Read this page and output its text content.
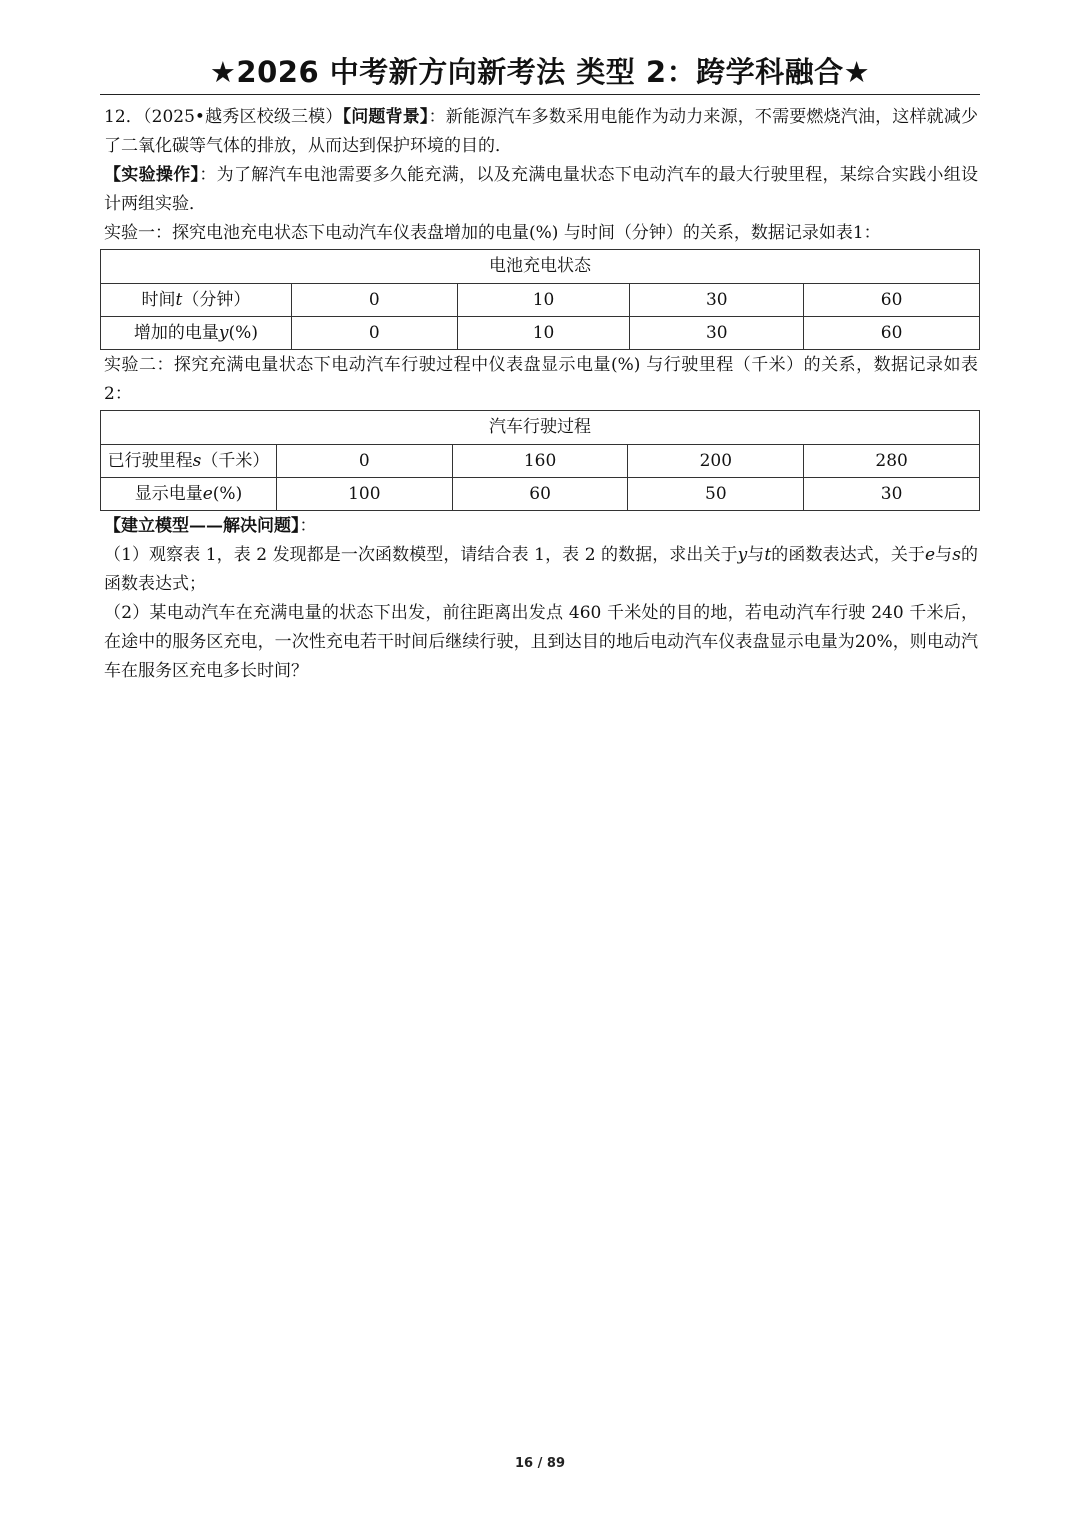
★2026 中考新方向新考法 类型 2：跨学科融合★

12．（2025•越秀区校级三模）【问题背景】：新能源汽车多数采用电能作为动力来源，不需要燃烧汽油，这样就减少了二氧化碳等气体的排放，从而达到保护环境的目的．

【实验操作】：为了解汽车电池需要多久能充满，以及充满电量状态下电动汽车的最大行驶里程，某综合实践小组设计两组实验．

实验一：探究电池充电状态下电动汽车仪表盘增加的电量(%) 与时间（分钟）的关系，数据记录如表1：

电池充电状态				
时间t（分钟）	0	10	30	60
增加的电量y(%)	0	10	30	60

实验二：探究充满电量状态下电动汽车行驶过程中仪表盘显示电量(%) 与行驶里程（千米）的关系，数据记录如表2：

汽车行驶过程				
已行驶里程s（千米）	0	160	200	280
显示电量e(%)	100	60	50	30

【建立模型——解决问题】：

（1）观察表 1，表 2 发现都是一次函数模型，请结合表 1，表 2 的数据，求出关于y与t的函数表达式，关于e与s的函数表达式；

（2）某电动汽车在充满电量的状态下出发，前往距离出发点 460 千米处的目的地，若电动汽车行驶 240 千米后，在途中的服务区充电，一次性充电若干时间后继续行驶，且到达目的地后电动汽车仪表盘显示电量为20%，则电动汽车在服务区充电多长时间？

16 / 89
